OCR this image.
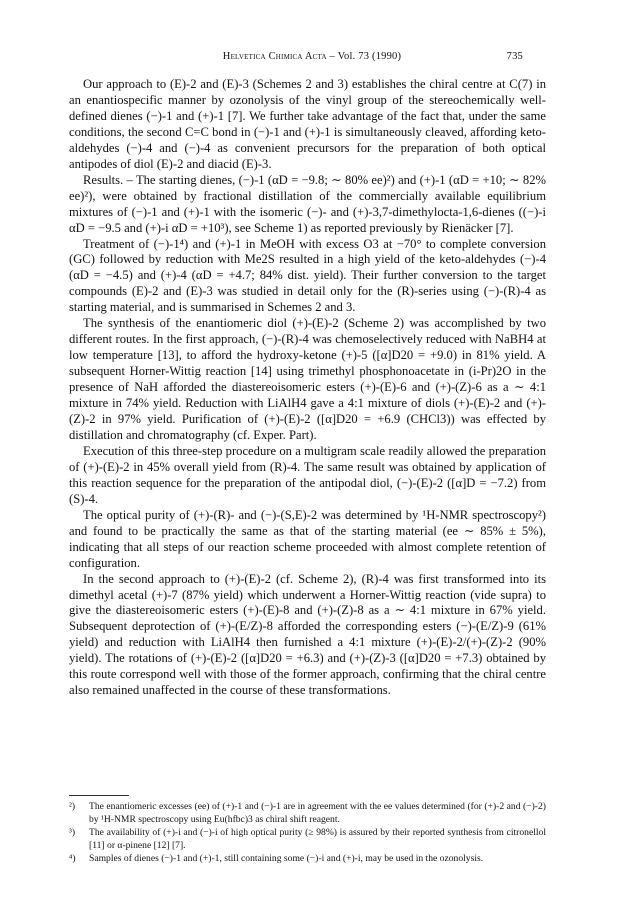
Helvetica Chimica Acta – Vol. 73 (1990)	735

Our approach to (E)-2 and (E)-3 (Schemes 2 and 3) establishes the chiral centre at C(7) in an enantiospecific manner by ozonolysis of the vinyl group of the stereochemically well-defined dienes (−)-1 and (+)-1 [7]. We further take advantage of the fact that, under the same conditions, the second C=C bond in (−)-1 and (+)-1 is simultaneously cleaved, affording keto-aldehydes (−)-4 and (−)-4 as convenient precursors for the preparation of both optical antipodes of diol (E)-2 and diacid (E)-3.

Results. – The starting dienes, (−)-1 (αD = −9.8; ∼ 80% ee)²) and (+)-1 (αD = +10; ∼ 82% ee)²), were obtained by fractional distillation of the commercially available equilibrium mixtures of (−)-1 and (+)-1 with the isomeric (−)- and (+)-3,7-dimethylocta-1,6-dienes ((−)-i αD = −9.5 and (+)-i αD = +10³), see Scheme 1) as reported previously by Rienäcker [7].

Treatment of (−)-1⁴) and (+)-1 in MeOH with excess O3 at −70° to complete conversion (GC) followed by reduction with Me2S resulted in a high yield of the keto-aldehydes (−)-4 (αD = −4.5) and (+)-4 (αD = +4.7; 84% dist. yield). Their further conversion to the target compounds (E)-2 and (E)-3 was studied in detail only for the (R)-series using (−)-(R)-4 as starting material, and is summarised in Schemes 2 and 3.

The synthesis of the enantiomeric diol (+)-(E)-2 (Scheme 2) was accomplished by two different routes. In the first approach, (−)-(R)-4 was chemoselectively reduced with NaBH4 at low temperature [13], to afford the hydroxy-ketone (+)-5 ([α]D20 = +9.0) in 81% yield. A subsequent Horner-Wittig reaction [14] using trimethyl phosphonoacetate in (i-Pr)2O in the presence of NaH afforded the diastereoisomeric esters (+)-(E)-6 and (+)-(Z)-6 as a ∼ 4:1 mixture in 74% yield. Reduction with LiAlH4 gave a 4:1 mixture of diols (+)-(E)-2 and (+)-(Z)-2 in 97% yield. Purification of (+)-(E)-2 ([α]D20 = +6.9 (CHCl3)) was effected by distillation and chromatography (cf. Exper. Part).

Execution of this three-step procedure on a multigram scale readily allowed the preparation of (+)-(E)-2 in 45% overall yield from (R)-4. The same result was obtained by application of this reaction sequence for the preparation of the antipodal diol, (−)-(E)-2 ([α]D = −7.2) from (S)-4.

The optical purity of (+)-(R)- and (−)-(S,E)-2 was determined by ¹H-NMR spectroscopy²) and found to be practically the same as that of the starting material (ee ∼ 85% ± 5%), indicating that all steps of our reaction scheme proceeded with almost complete retention of configuration.

In the second approach to (+)-(E)-2 (cf. Scheme 2), (R)-4 was first transformed into its dimethyl acetal (+)-7 (87% yield) which underwent a Horner-Wittig reaction (vide supra) to give the diastereoisomeric esters (+)-(E)-8 and (+)-(Z)-8 as a ∼ 4:1 mixture in 67% yield. Subsequent deprotection of (+)-(E/Z)-8 afforded the corresponding esters (−)-(E/Z)-9 (61% yield) and reduction with LiAlH4 then furnished a 4:1 mixture (+)-(E)-2/(+)-(Z)-2 (90% yield). The rotations of (+)-(E)-2 ([α]D20 = +6.3) and (+)-(Z)-3 ([α]D20 = +7.3) obtained by this route correspond well with those of the former approach, confirming that the chiral centre also remained unaffected in the course of these transformations.

²) The enantiomeric excesses (ee) of (+)-1 and (−)-1 are in agreement with the ee values determined (for (+)-2 and (−)-2) by ¹H-NMR spectroscopy using Eu(hfbc)3 as chiral shift reagent.
³) The availability of (+)-i and (−)-i of high optical purity (≥ 98%) is assured by their reported synthesis from citronellol [11] or α-pinene [12] [7].
⁴) Samples of dienes (−)-1 and (+)-1, still containing some (−)-i and (+)-i, may be used in the ozonolysis.
